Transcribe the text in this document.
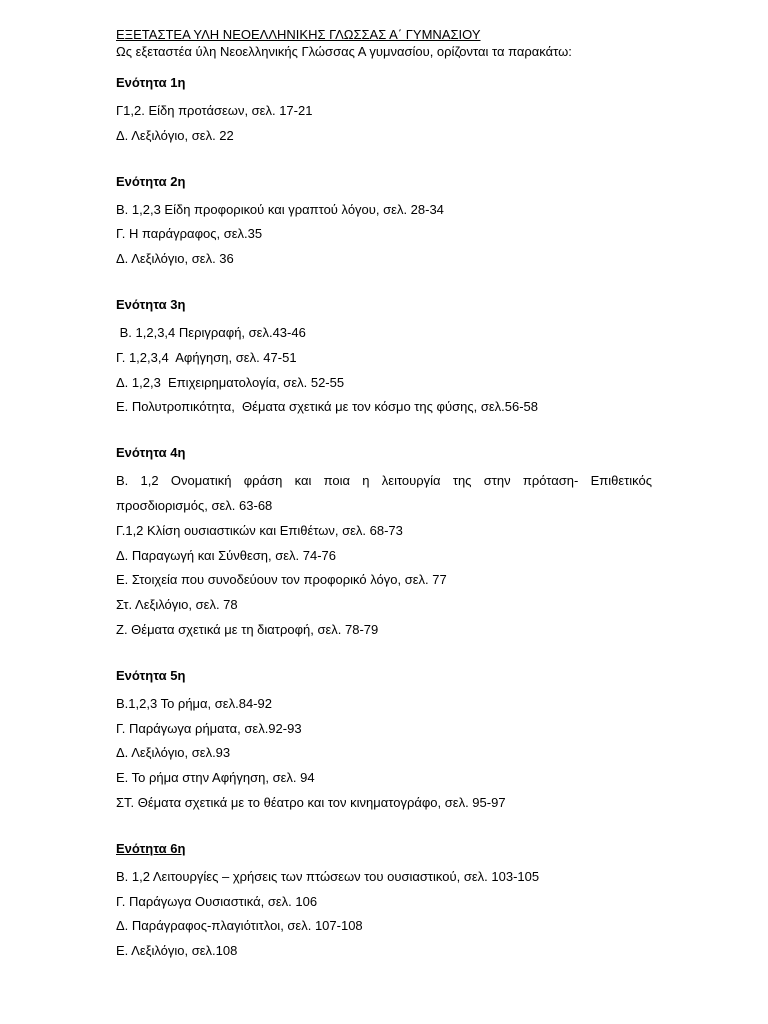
ΕΞΕΤΑΣΤΕΑ ΥΛΗ ΝΕΟΕΛΛΗΝΙΚΗΣ ΓΛΩΣΣΑΣ Α΄ ΓΥΜΝΑΣΙΟΥ

Ως εξεταστέα ύλη Νεοελληνικής Γλώσσας Α γυμνασίου, ορίζονται τα παρακάτω:

Ενότητα 1η

Γ1,2. Είδη προτάσεων, σελ. 17-21

Δ. Λεξιλόγιο, σελ. 22

Ενότητα 2η

Β. 1,2,3 Είδη προφορικού και γραπτού λόγου, σελ. 28-34

Γ. Η παράγραφος, σελ.35

Δ. Λεξιλόγιο, σελ. 36

Ενότητα 3η

Β. 1,2,3,4 Περιγραφή, σελ.43-46

Γ. 1,2,3,4  Αφήγηση, σελ. 47-51

Δ. 1,2,3  Επιχειρηματολογία, σελ. 52-55

Ε. Πολυτροπικότητα,  Θέματα σχετικά με τον κόσμο της φύσης, σελ.56-58

Ενότητα 4η

Β. 1,2 Ονοματική φράση και ποια η λειτουργία της στην πρόταση- Επιθετικός προσδιορισμός, σελ. 63-68

Γ.1,2 Κλίση ουσιαστικών και Επιθέτων, σελ. 68-73

Δ. Παραγωγή και Σύνθεση, σελ. 74-76

Ε. Στοιχεία που συνοδεύουν τον προφορικό λόγο, σελ. 77

Στ. Λεξιλόγιο, σελ. 78

Ζ. Θέματα σχετικά με τη διατροφή, σελ. 78-79

Ενότητα 5η

Β.1,2,3 Το ρήμα, σελ.84-92

Γ. Παράγωγα ρήματα, σελ.92-93

Δ. Λεξιλόγιο, σελ.93

Ε. Το ρήμα στην Αφήγηση, σελ. 94

ΣΤ. Θέματα σχετικά με το θέατρο και τον κινηματογράφο, σελ. 95-97

Ενότητα 6η

Β. 1,2 Λειτουργίες – χρήσεις των πτώσεων του ουσιαστικού, σελ. 103-105

Γ. Παράγωγα Ουσιαστικά, σελ. 106

Δ. Παράγραφος-πλαγιότιτλοι, σελ. 107-108

Ε. Λεξιλόγιο, σελ.108
